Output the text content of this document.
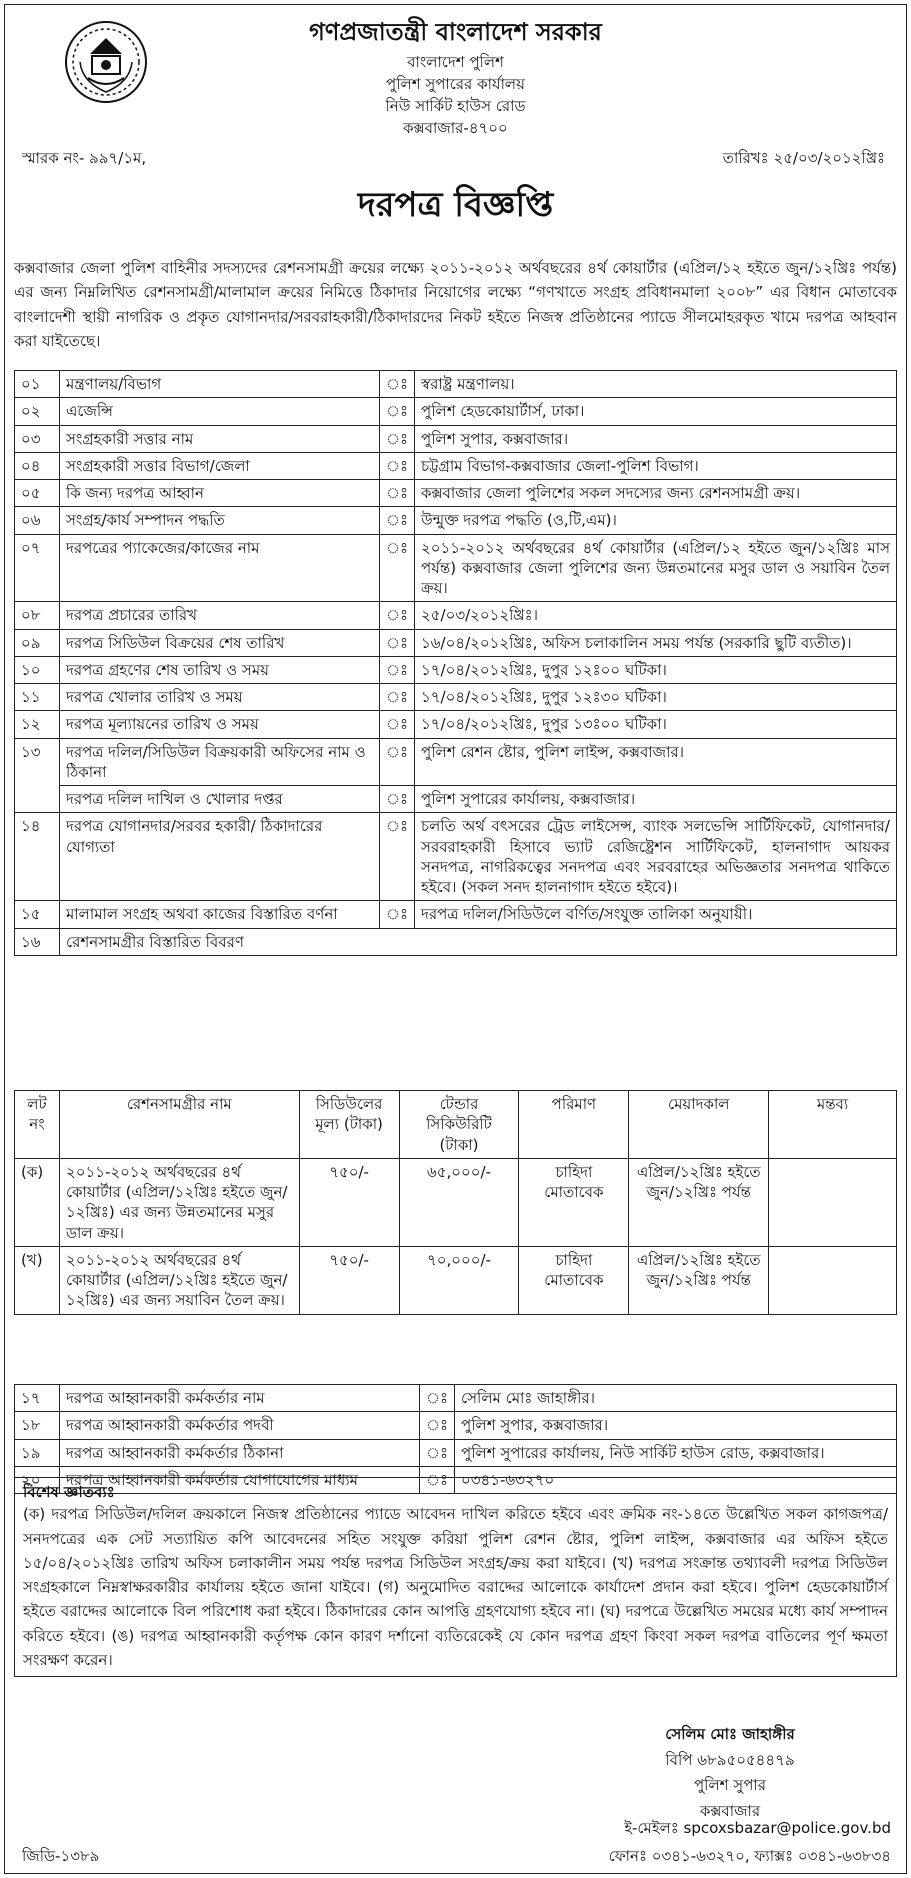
গণপ্রজাতন্ত্রী বাংলাদেশ সরকার
বাংলাদেশ পুলিশ
পুলিশ সুপারের কার্যালয়
নিউ সার্কিট হাউস রোড
কক্সবাজার-৪৭০০
স্মারক নং- ৯৯৭/১ম,	তারিখঃ ২৫/০৩/২০১২খ্রিঃ
দরপত্র বিজ্ঞপ্তি

কক্সবাজার জেলা পুলিশ বাহিনীর সদস্যদের রেশনসামগ্রী ক্রয়ের লক্ষ্যে ২০১১-২০১২ অর্থবছরের ৪র্থ কোয়ার্টার (এপ্রিল/১২ হইতে জুন/১২খ্রিঃ পর্যন্ত) এর জন্য নিম্নলিখিত রেশনসামগ্রী/মালামাল ক্রয়ের নিমিত্তে ঠিকাদার নিয়োগের লক্ষ্যে “গণখাতে সংগ্রহ প্রবিধানমালা ২০০৮” এর বিধান মোতাবেক বাংলাদেশী স্থায়ী নাগরিক ও প্রকৃত যোগানদার/সরবরাহকারী/ঠিকাদারদের নিকট হইতে নিজস্ব প্রতিষ্ঠানের প্যাডে সীলমোহরকৃত খামে দরপত্র আহবান করা যাইতেছে।

০১	মন্ত্রণালয়/বিভাগ	ঃ	স্বরাষ্ট্র মন্ত্রণালয়।
০২	এজেন্সি	ঃ	পুলিশ হেডকোয়ার্টার্স, ঢাকা।
০৩	সংগ্রহকারী সত্তার নাম	ঃ	পুলিশ সুপার, কক্সবাজার।
০৪	সংগ্রহকারী সত্তার বিভাগ/জেলা	ঃ	চট্টগ্রাম বিভাগ-কক্সবাজার জেলা-পুলিশ বিভাগ।
০৫	কি জন্য দরপত্র আহ্বান	ঃ	কক্সবাজার জেলা পুলিশের সকল সদস্যের জন্য রেশনসামগ্রী ক্রয়।
০৬	সংগ্রহ/কার্য সম্পাদন পদ্ধতি	ঃ	উন্মুক্ত দরপত্র পদ্ধতি (ও,টি,এম)।
০৭	দরপত্রের প্যাকেজের/কাজের নাম	ঃ	২০১১-২০১২ অর্থবছরের ৪র্থ কোয়ার্টার (এপ্রিল/১২ হইতে জুন/১২খ্রিঃ মাস পর্যন্ত) কক্সবাজার জেলা পুলিশের জন্য উন্নতমানের মসুর ডাল ও সয়াবিন তৈল ক্রয়।
০৮	দরপত্র প্রচারের তারিখ	ঃ	২৫/০৩/২০১২খ্রিঃ।
০৯	দরপত্র সিডিউল বিক্রয়ের শেষ তারিখ	ঃ	১৬/০৪/২০১২খ্রিঃ, অফিস চলাকালিন সময় পর্যন্ত (সরকারি ছুটি ব্যতীত)।
১০	দরপত্র গ্রহণের শেষ তারিখ ও সময়	ঃ	১৭/০৪/২০১২খ্রিঃ, দুপুর ১২ঃ০০ ঘটিকা।
১১	দরপত্র খোলার তারিখ ও সময়	ঃ	১৭/০৪/২০১২খ্রিঃ, দুপুর ১২ঃ৩০ ঘটিকা।
১২	দরপত্র মূল্যায়নের তারিখ ও সময়	ঃ	১৭/০৪/২০১২খ্রিঃ, দুপুর ১৩ঃ০০ ঘটিকা।
১৩	দরপত্র দলিল/সিডিউল বিক্রয়কারী অফিসের নাম ও ঠিকানা	ঃ	পুলিশ রেশন ষ্টোর, পুলিশ লাইন্স, কক্সবাজার।
	দরপত্র দলিল দাখিল ও খোলার দপ্তর	ঃ	পুলিশ সুপারের কার্যালয়, কক্সবাজার।
১৪	দরপত্র যোগানদার/সরবর হকারী/ ঠিকাদারের যোগ্যতা	ঃ	চলতি অর্থ বৎসরের ট্রেড লাইসেন্স, ব্যাংক সলভেন্সি সার্টিফিকেট, যোগানদার/সরবরাহকারী হিসাবে ভ্যাট রেজিষ্ট্রেশন সার্টিফিকেট, হালনাগাদ আয়কর সনদপত্র, নাগরিকত্বের সনদপত্র এবং সরবরাহের অভিজ্ঞতার সনদপত্র থাকিতে হইবে। (সকল সনদ হালনাগাদ হইতে হইবে)।
১৫	মালামাল সংগ্রহ অথবা কাজের বিস্তারিত বর্ণনা	ঃ	দরপত্র দলিল/সিডিউলে বর্ণিত/সংযুক্ত তালিকা অনুযায়ী।
১৬	রেশনসামগ্রীর বিস্তারিত বিবরণ		
লট নং	রেশনসামগ্রীর নাম	সিডিউলের মূল্য (টাকা)	টেন্ডার সিকিউরিটি (টাকা)	পরিমাণ	মেয়াদকাল	মন্তব্য
(ক)	২০১১-২০১২ অর্থবছরের ৪র্থ কোয়ার্টার (এপ্রিল/১২খ্রিঃ হইতে জুন/১২খ্রিঃ) এর জন্য উন্নতমানের মসুর ডাল ক্রয়।	৭৫০/-	৬৫,০০০/-	চাহিদা মোতাবেক	এপ্রিল/১২খ্রিঃ হইতে জুন/১২খ্রিঃ পর্যন্ত	
(খ)	২০১১-২০১২ অর্থবছরের ৪র্থ কোয়ার্টার (এপ্রিল/১২খ্রিঃ হইতে জুন/১২খ্রিঃ) এর জন্য সয়াবিন তৈল ক্রয়।	৭৫০/-	৭০,০০০/-	চাহিদা মোতাবেক	এপ্রিল/১২খ্রিঃ হইতে জুন/১২খ্রিঃ পর্যন্ত	
১৭	দরপত্র আহ্বানকারী কর্মকর্তার নাম	ঃ	সেলিম মোঃ জাহাঙ্গীর।
১৮	দরপত্র আহ্বানকারী কর্মকর্তার পদবী	ঃ	পুলিশ সুপার, কক্সবাজার।
১৯	দরপত্র আহ্বানকারী কর্মকর্তার ঠিকানা	ঃ	পুলিশ সুপারের কার্যালয়, নিউ সার্কিট হাউস রোড, কক্সবাজার।
২০	দরপত্র আহ্বানকারী কর্মকর্তার যোগাযোগের মাধ্যম	ঃ	০৩৪১-৬৩২৭০
বিশেষ জ্ঞাতব্যঃ

(ক) দরপত্র সিডিউল/দলিল ক্রয়কালে নিজস্ব প্রতিষ্ঠানের প্যাডে আবেদন দাখিল করিতে হইবে এবং ক্রমিক নং-১৪তে উল্লেখিত সকল কাগজপত্র/সনদপত্রের এক সেট সত্যায়িত কপি আবেদনের সহিত সংযুক্ত করিয়া পুলিশ রেশন ষ্টোর, পুলিশ লাইন্স, কক্সবাজার এর অফিস হইতে ১৫/০৪/২০১২খ্রিঃ তারিখ অফিস চলাকালীন সময় পর্যন্ত দরপত্র সিডিউল সংগ্রহ/ক্রয় করা যাইবে। (খ) দরপত্র সংক্রান্ত তথ্যাবলী দরপত্র সিডিউল সংগ্রহকালে নিম্নস্বাক্ষরকারীর কার্যালয় হইতে জানা যাইবে। (গ) অনুমোদিত বরাদ্দের আলোকে কার্যাদেশ প্রদান করা হইবে। পুলিশ হেডকোয়ার্টার্স হইতে বরাদ্দের আলোকে বিল পরিশোধ করা হইবে। ঠিকাদারের কোন আপত্তি গ্রহণযোগ্য হইবে না। (ঘ) দরপত্রে উল্লেখিত সময়ের মধ্যে কার্য সম্পাদন করিতে হইবে। (ঙ) দরপত্র আহ্বানকারী কর্তৃপক্ষ কোন কারণ দর্শানো ব্যতিরেকেই যে কোন দরপত্র গ্রহণ কিংবা সকল দরপত্র বাতিলের পূর্ণ ক্ষমতা সংরক্ষণ করেন।

সেলিম মোঃ জাহাঙ্গীর
বিপি ৬৮৯৫০৫৪৪৭৯
পুলিশ সুপার
কক্সবাজার
ই-মেইলঃ spcoxsbazar@police.gov.bd
জিডি-১৩৮৯	ফোনঃ ০৩৪১-৬৩২৭০, ফ্যাক্সঃ ০৩৪১-৬৩৮৩৪
